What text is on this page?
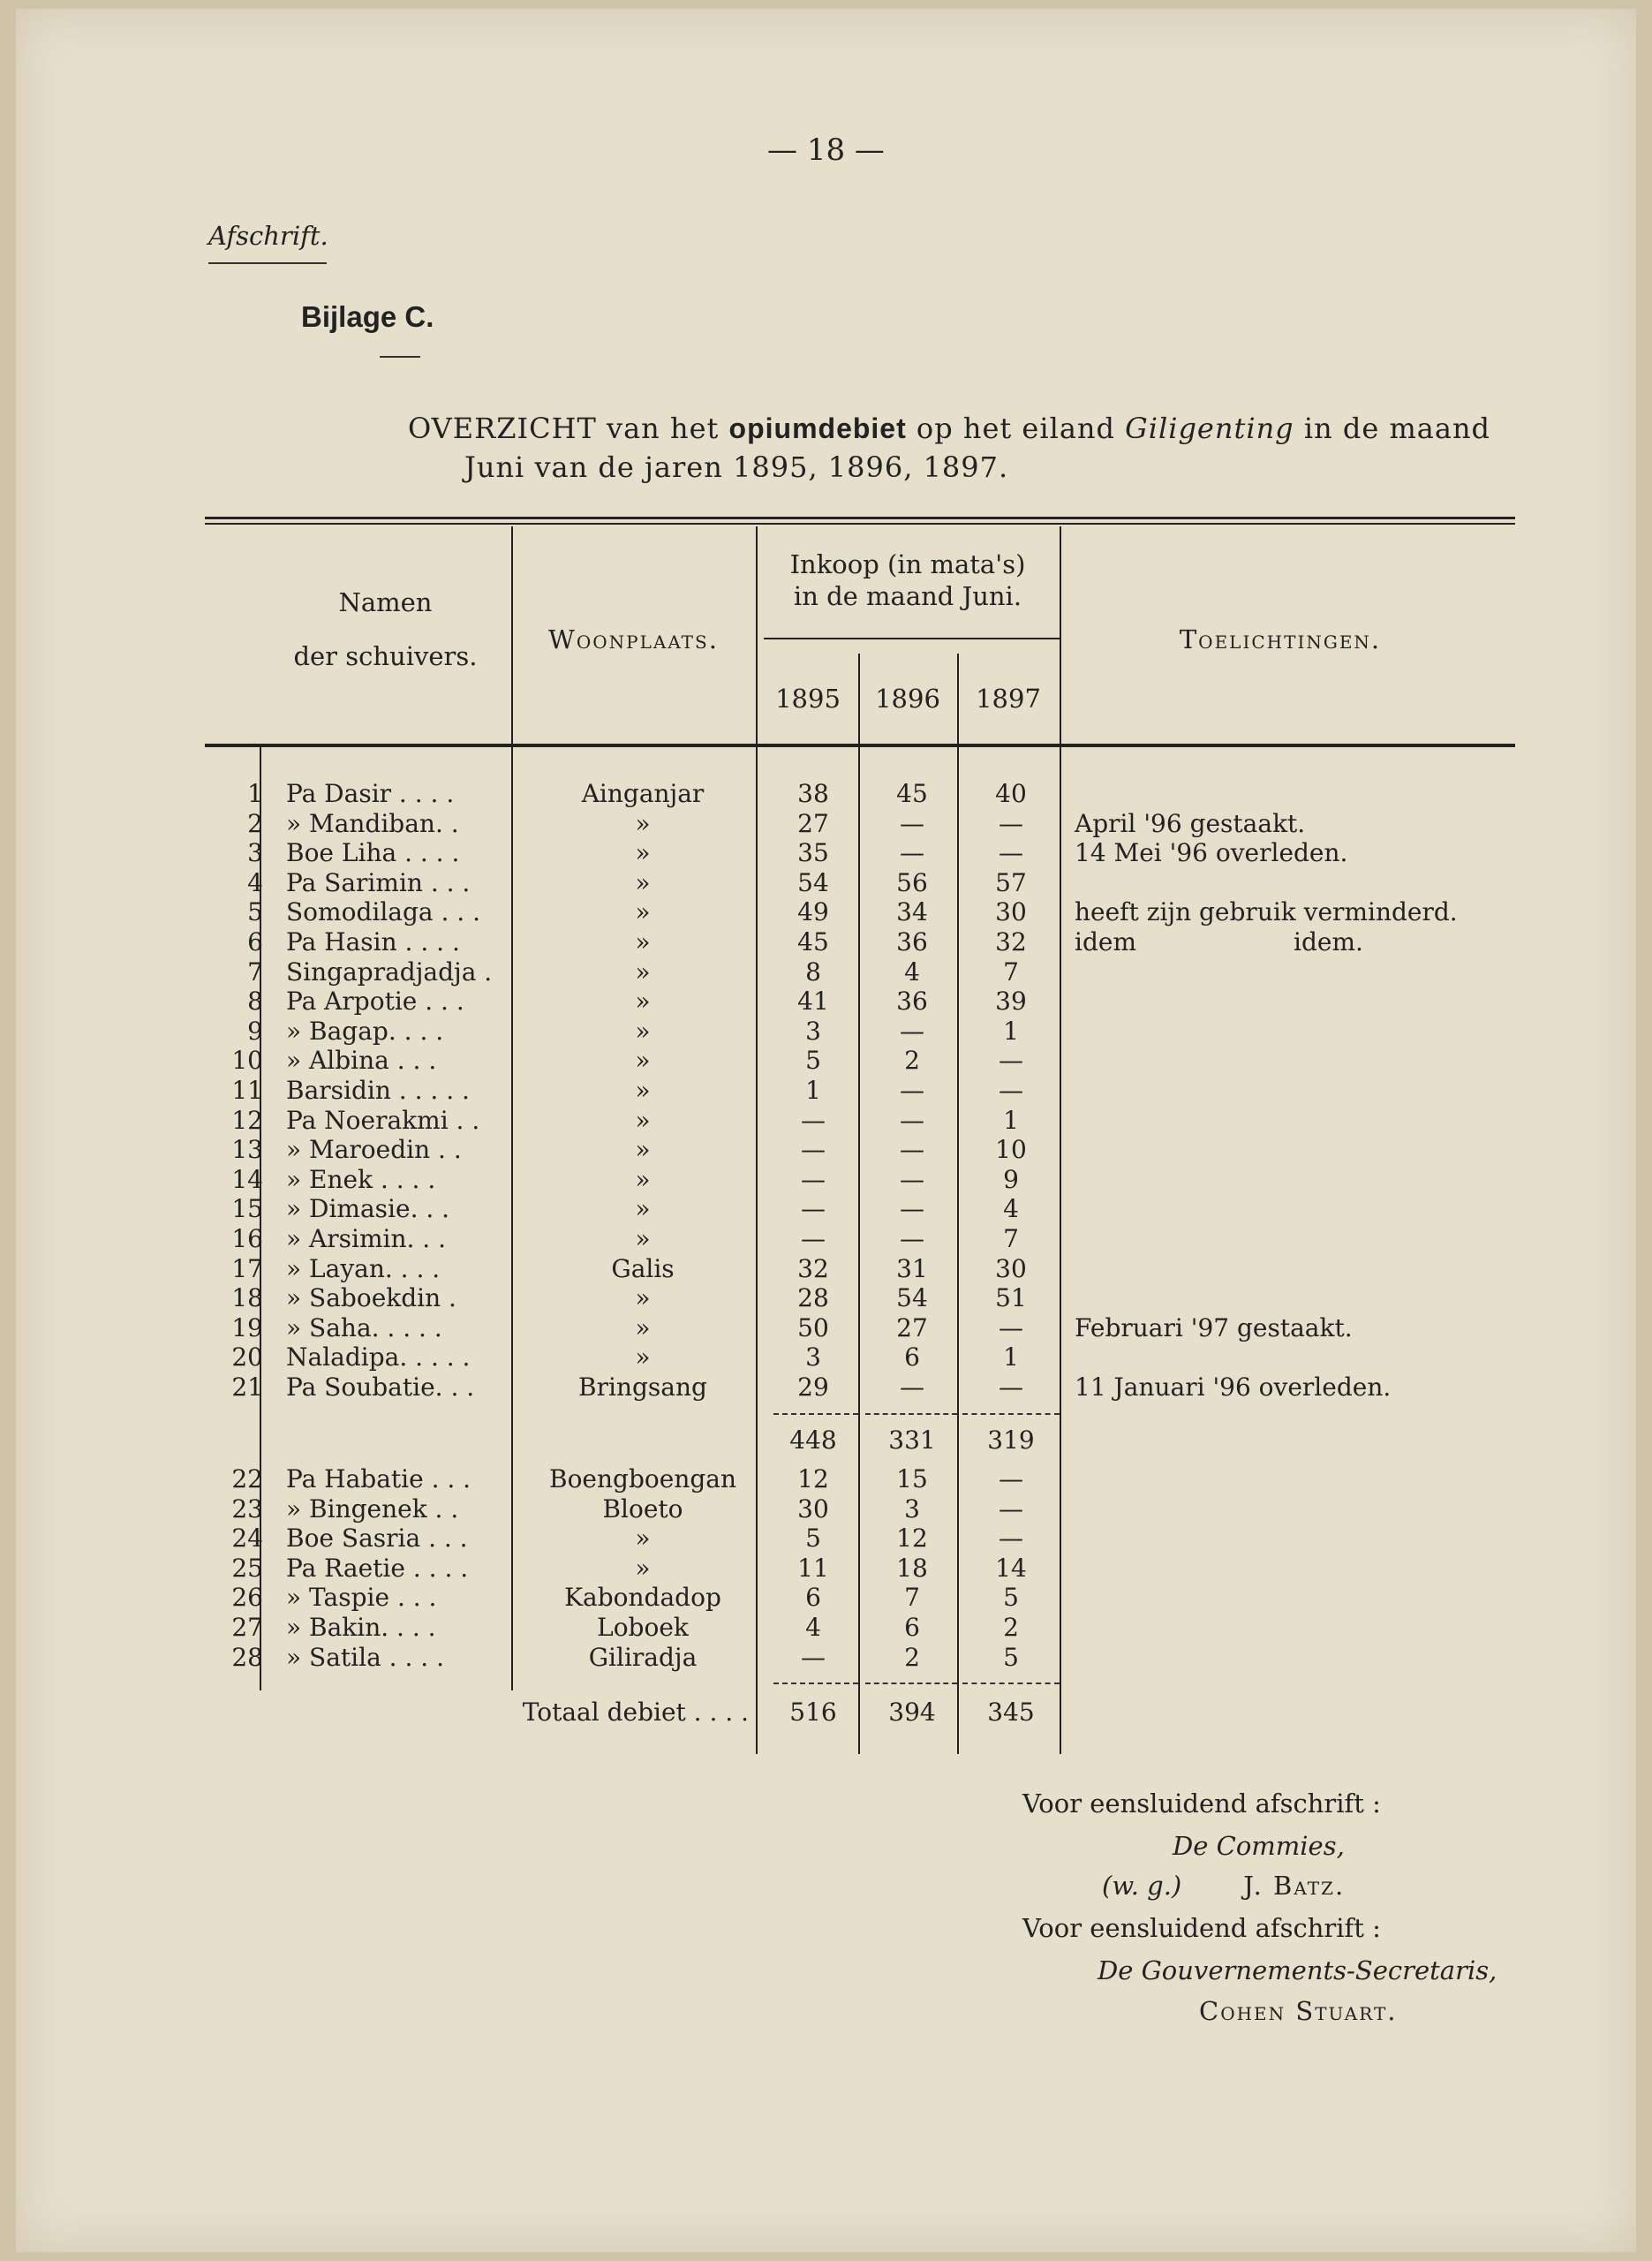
— 18 —
Afschrift.
Bijlage C.
OVERZICHT van het opiumdebiet op het eiland Giligenting in de maand
Juni van de jaren 1895, 1896, 1897.
Namen
der schuivers.
Woonplaats.
Inkoop (in mata's)
in de maand Juni.
1895	1896	1897
Toelichtingen.
1 Pa Dasir . . . .	Ainganjar	38	45	40
2 » Mandiban. .	»	27	—	—	April '96 gestaakt.
3 Boe Liha . . . .	»	35	—	—	14 Mei '96 overleden.
4 Pa Sarimin . . .	»	54	56	57
5 Somodilaga . . .	»	49	34	30	heeft zijn gebruik verminderd.
6 Pa Hasin . . . .	»	45	36	32	idem                    idem.
7 Singapradjadja .	»	8	4	7
8 Pa Arpotie . . .	»	41	36	39
9 » Bagap. . . .	»	3	—	1
10 » Albina . . .	»	5	2	—
11 Barsidin . . . . .	»	1	—	—
12 Pa Noerakmi . .	»	—	—	1
13 » Maroedin . .	»	—	—	10
14 » Enek . . . .	»	—	—	9
15 » Dimasie. . .	»	—	—	4
16 » Arsimin. . .	»	—	—	7
17 » Layan. . . .	Galis	32	31	30
18 » Saboekdin .	»	28	54	51
19 » Saha. . . . .	»	50	27	—	Februari '97 gestaakt.
20 Naladipa. . . . .	»	3	6	1
21 Pa Soubatie. . .	Bringsang	29	—	—	11 Januari '96 overleden.
448	331	319
22 Pa Habatie . . .	Boengboengan	12	15	—
23 » Bingenek . .	Bloeto	30	3	—
24 Boe Sasria . . .	»	5	12	—
25 Pa Raetie . . . .	»	11	18	14
26 » Taspie . . .	Kabondadop	6	7	5
27 » Bakin. . . .	Loboek	4	6	2
28 » Satila . . . .	Giliradja	—	2	5
Totaal debiet . . . .	516	394	345
Voor eensluidend afschrift :
De Commies,
(w. g.) J. Batz.
Voor eensluidend afschrift :
De Gouvernements-Secretaris,
Cohen Stuart.
